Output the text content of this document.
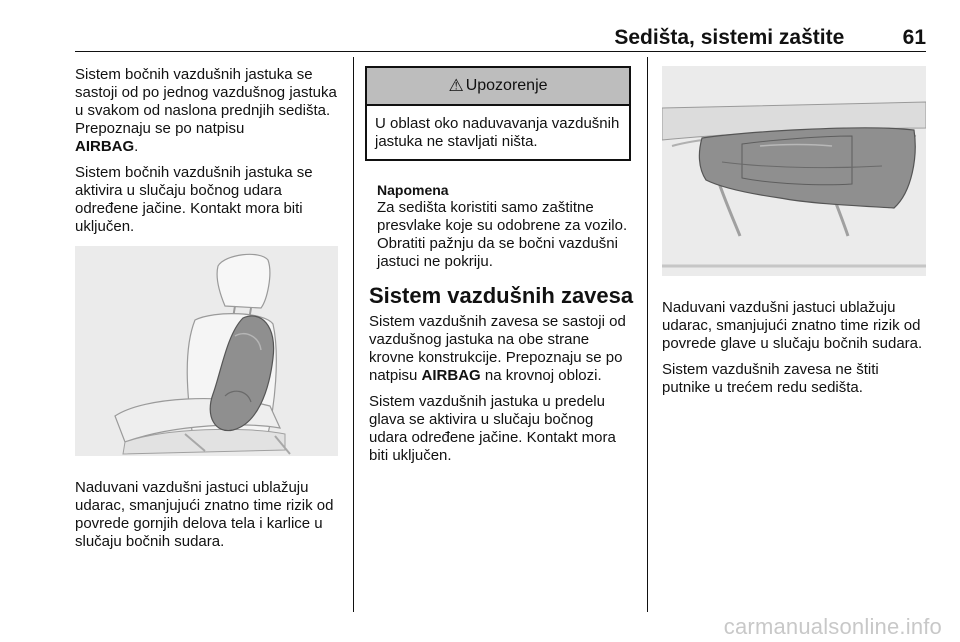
Sedišta, sistemi zaštite	61

Sistem bočnih vazdušnih jastuka se sastoji od po jednog vazdušnog jastuka u svakom od naslona prednjih sedišta. Prepoznaju se po natpisu
AIRBAG.

Sistem bočnih vazdušnih jastuka se aktivira u slučaju bočnog udara određene jačine. Kontakt mora biti uključen.

Naduvani vazdušni jastuci ublažuju udarac, smanjujući znatno time rizik od povrede gornjih delova tela i karlice u slučaju bočnih sudara.

⚠ Upozorenje
U oblast oko naduvavanja vazdušnih jastuka ne stavljati ništa.
Napomena
Za sedišta koristiti samo zaštitne presvlake koje su odobrene za vozilo. Obratiti pažnju da se bočni vazdušni jastuci ne pokriju.
Sistem vazdušnih zavesa

Sistem vazdušnih zavesa se sastoji od vazdušnog jastuka na obe strane krovne konstrukcije. Prepoznaju se po natpisu AIRBAG na krovnoj oblozi.

Sistem vazdušnih jastuka u predelu glava se aktivira u slučaju bočnog udara određene jačine. Kontakt mora biti uključen.

Naduvani vazdušni jastuci ublažuju udarac, smanjujući znatno time rizik od povrede glave u slučaju bočnih sudara.

Sistem vazdušnih zavesa ne štiti putnike u trećem redu sedišta.

carmanualsonline.info
